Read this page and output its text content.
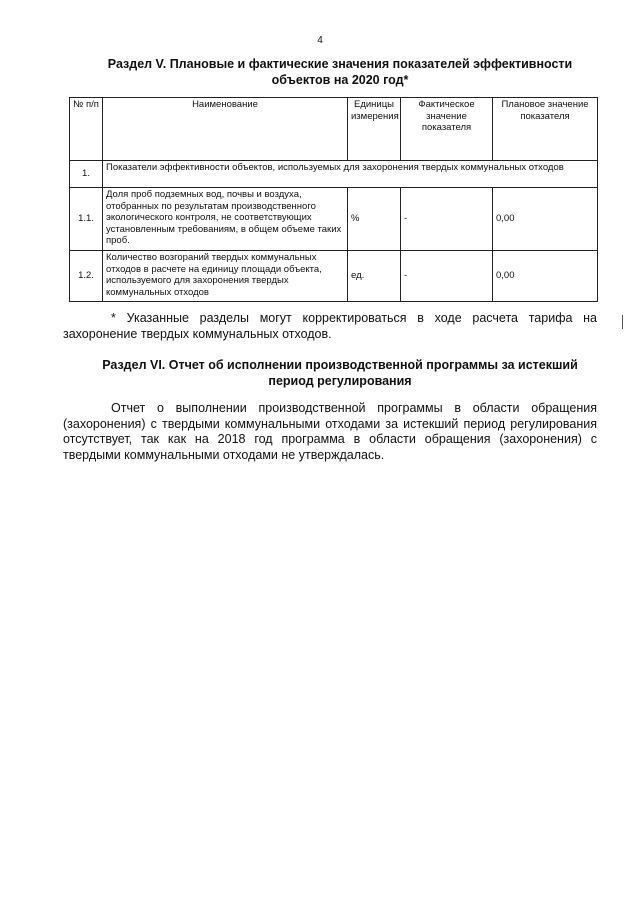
4
Раздел V. Плановые и фактические значения показателей эффективности объектов на 2020 год*
№ п/п	Наименование	Единицы измерения	Фактическое значение показателя	Плановое значение показателя
1.	Показатели эффективности объектов, используемых для захоронения твердых коммунальных отходов			
1.1.	Доля проб подземных вод, почвы и воздуха, отобранных по результатам производственного экологического контроля, не соответствующих установленным требованиям, в общем объеме таких проб.	%	-	0,00
1.2.	Количество возгораний твердых коммунальных отходов в расчете на единицу площади объекта, используемого для захоронения твердых коммунальных отходов	ед.	-	0,00
* Указанные разделы могут корректироваться в ходе расчета тарифа на захоронение твердых коммунальных отходов.
Раздел VI. Отчет об исполнении производственной программы за истекший период регулирования
Отчет о выполнении производственной программы в области обращения (захоронения) с твердыми коммунальными отходами за истекший период регулирования отсутствует, так как на 2018 год программа в области обращения (захоронения) с твердыми коммунальными отходами не утверждалась.
